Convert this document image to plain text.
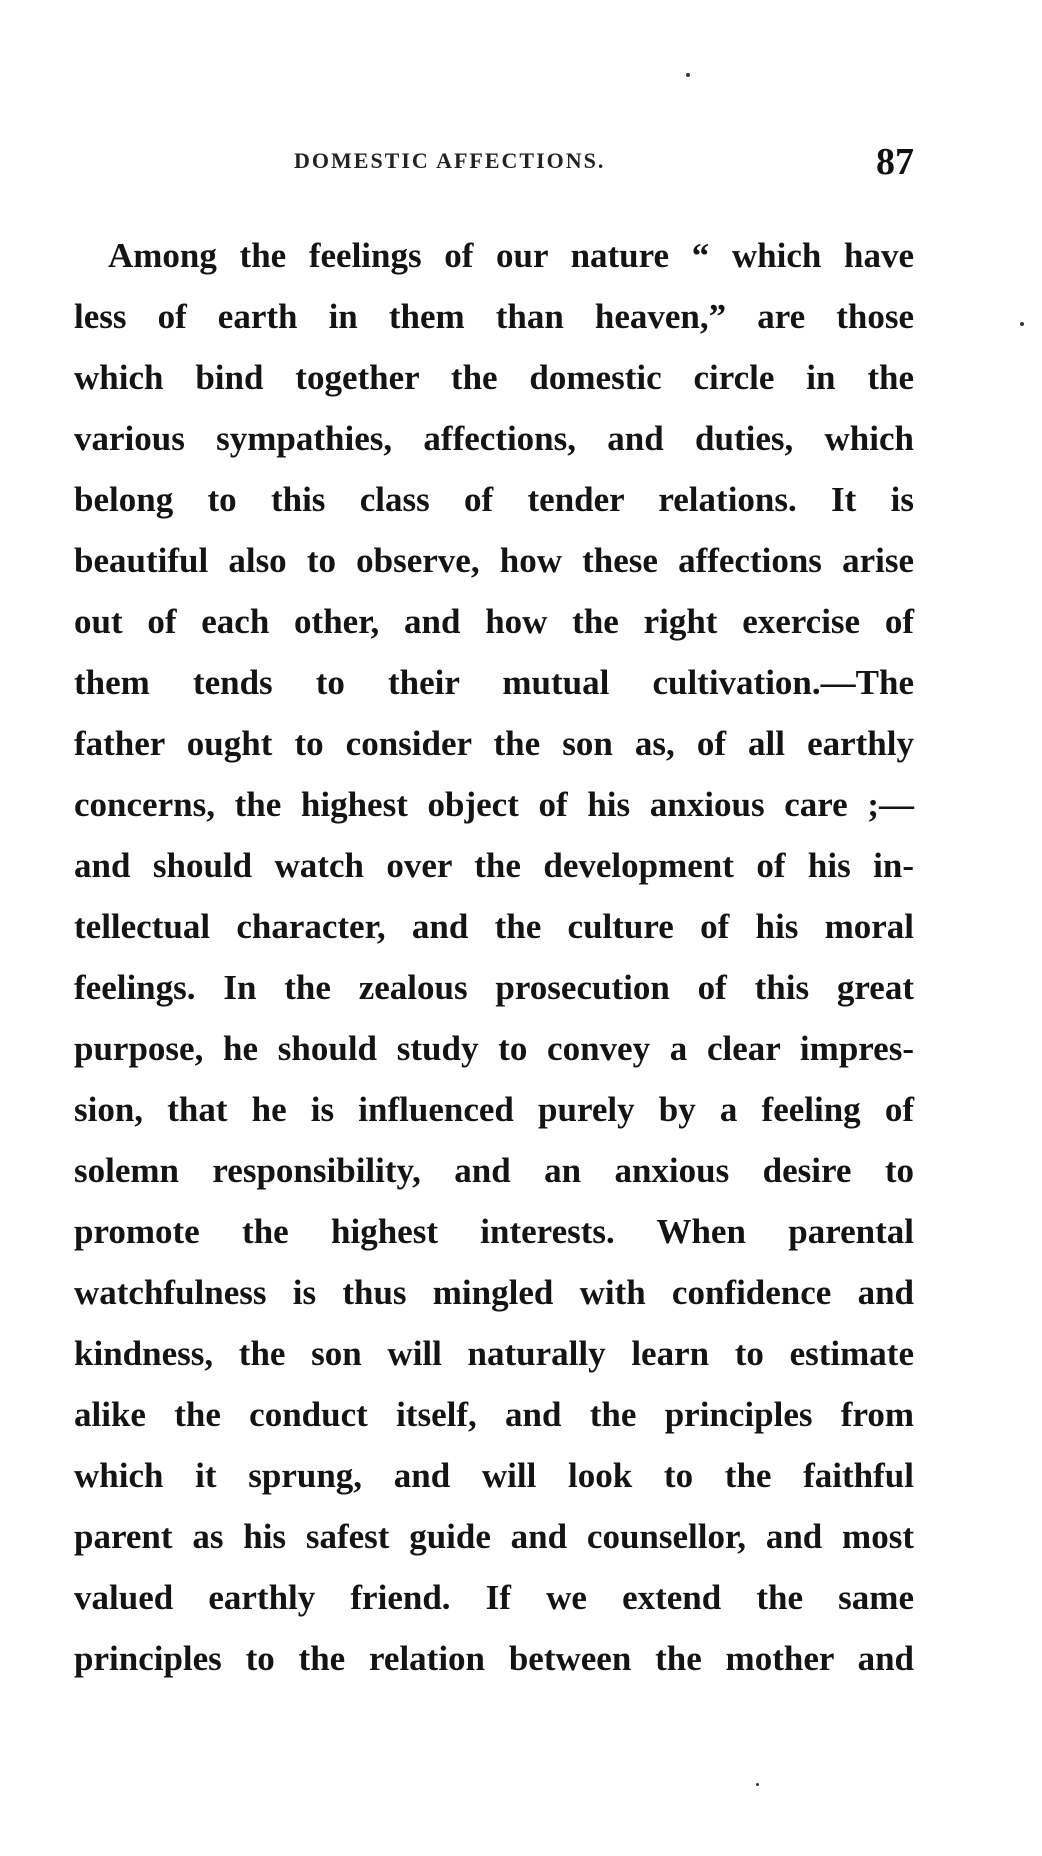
DOMESTIC AFFECTIONS.	87
Among the feelings of our nature “ which have
less of earth in them than heaven,” are those
which bind together the domestic circle in the
various sympathies, affections, and duties, which
belong to this class of tender relations. It is
beautiful also to observe, how these affections arise
out of each other, and how the right exercise of
them tends to their mutual cultivation.—The
father ought to consider the son as, of all earthly
concerns, the highest object of his anxious care ;—
and should watch over the development of his in-
tellectual character, and the culture of his moral
feelings. In the zealous prosecution of this great
purpose, he should study to convey a clear impres-
sion, that he is influenced purely by a feeling of
solemn responsibility, and an anxious desire to
promote the highest interests. When parental
watchfulness is thus mingled with confidence and
kindness, the son will naturally learn to estimate
alike the conduct itself, and the principles from
which it sprung, and will look to the faithful
parent as his safest guide and counsellor, and most
valued earthly friend. If we extend the same
principles to the relation between the mother and
